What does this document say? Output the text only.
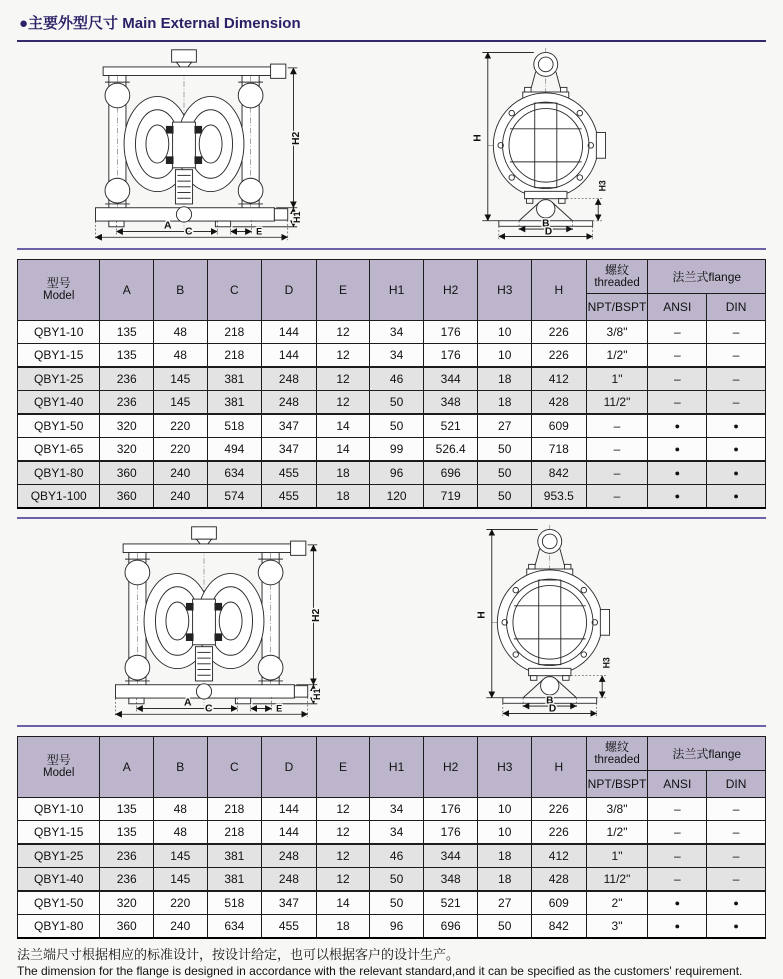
●主要外型尺寸 Main External Dimension
型号
Model	A	B	C	D	E	H1	H2	H3	H	
螺纹
threaded	法兰式flange
										NPT/BSPT	ANSI	DIN
QBY1-10	135	48	218	144	12	34	176	10	226	3/8"	–	–
QBY1-15	135	48	218	144	12	34	176	10	226	1/2"	–	–
QBY1-25	236	145	381	248	12	46	344	18	412	1"	–	–
QBY1-40	236	145	381	248	12	50	348	18	428	11/2"	–	–
QBY1-50	320	220	518	347	14	50	521	27	609	–	●	●
QBY1-65	320	220	494	347	14	99	526.4	50	718	–	●	●
QBY1-80	360	240	634	455	18	96	696	50	842	–	●	●
QBY1-100	360	240	574	455	18	120	719	50	953.5	–	●	●
型号
Model	A	B	C	D	E	H1	H2	H3	H	
螺纹
threaded	法兰式flange
										NPT/BSPT	ANSI	DIN
QBY1-10	135	48	218	144	12	34	176	10	226	3/8"	–	–
QBY1-15	135	48	218	144	12	34	176	10	226	1/2"	–	–
QBY1-25	236	145	381	248	12	46	344	18	412	1"	–	–
QBY1-40	236	145	381	248	12	50	348	18	428	11/2"	–	–
QBY1-50	320	220	518	347	14	50	521	27	609	2"	●	●
QBY1-80	360	240	634	455	18	96	696	50	842	3"	●	●
法兰端尺寸根据相应的标准设计，按设计给定，也可以根据客户的设计生产。
The dimension for the flange is designed in accordance with the relevant standard,and it can be specified as the customers' requirement.
